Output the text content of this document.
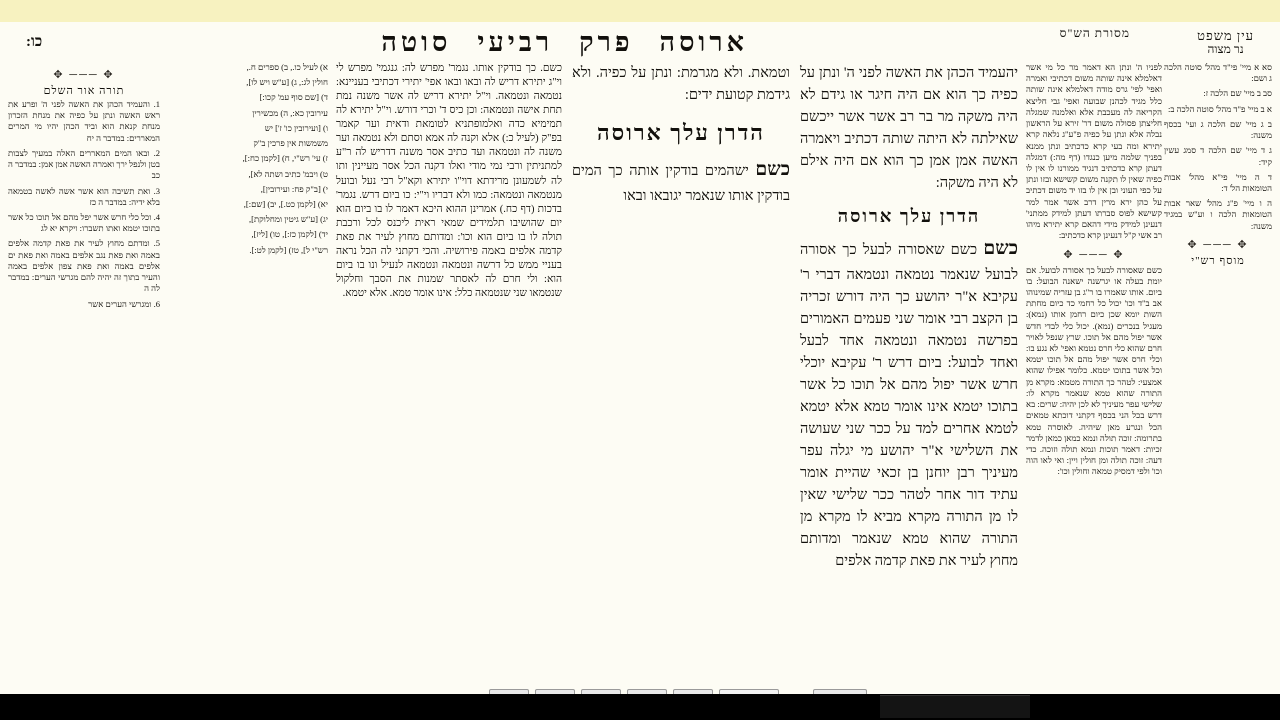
עין משפט
נר מצוה
ארוסהפרקרביעיסוטה
כו:
מסורת הש"ס
סא א מיי' פי"ד מהל' סוטה הלכה ג ושם:
סב ב מיי' שם הלכה ז:
א ב מיי' פ"ד מהל' סוטה הלכה ב:
ב ג מיי' שם הלכה ג ועי' בכסף משנה:
ג ד מיי' שם הלכה ד סמג עשין קיד:
ד ה מיי' פי"א מהל' אבות הטומאות הל' ד:
ה ו מיי' פ"ג מהל' שאר אבות הטומאות הלכה ו וע"ש במגיד משנה:
✥ ─── ✥
מוסף רש"י
לפניו ה' ונתן הא דאמר מר כל מי אשר דאלמלא אינה שותה משום דכתיבי ואמרה ואפי' לפי' גרס מודה דאלמלא אינה שותה כלל מגיד לכהנן שבועה ואפי' גבי חליצא הקריאה לה מעכבת אלא ואלמנה שמגלה חליצתן פסולה משום דר' זירא על הראשון נבלה אלא ונתן על כפיה פ"ע"ג נלאה קרא יתירא ומה בעי קרא כדכתיב ונתן ממנא בפניך שלמה מיען כנגדו (דף מה:) דמגלה דעתן קרא כדכתיב דנגיד ממורנו לו אין לו כפיה שאין לו תקנה משום קשישא ובזו ונתן על כפי העוני ובן אין לו בזו יד משום דכתיב על כהן ירא מרין דרב אשר אמר למר קשישא לפוס סברתו דעתן למידק ממתני' דנעינן למידק מידי דהאם קרא יתירא מיהו רב אשי ק"ל דנעינן קרא כדכתיב:
✥ ─── ✥
כשם שאסורה לבעל כך אסורה לבועל. אם יומת בעלה או יגרשנה ישאנה הבועל: בו ביום. אותו שאמרו בו ר"ג בן עזריה שמינוהו אב ב"ד וכו' יכול כל רחמי כד כיום מחתת השות יומא שכן כיום רחמן אותו (נמא): מעגיל בנכרים (נמא). יכול כלי לבדי חדש אשר יפול מהם אל תוכו. שרץ שנפל לאויר חרם שהוא כלי חרס נטמא ואפי' לא נגע בו: וכלי חרס אשר יפול מהם אל תוכו יטמא וכל אשר בתוכו יטמא. כלומר אפילו שהוא אמצעי: לטהר כך התורה מטמא: מקרא מן התורה שהוא טמא שנאמר מקרא לו: שלישי עפר מעיניך לא לכן יהיה: שרים: בא דרש בכל הני בכסף דקתני דוכתא טמאים הכל ונגרע מאן שיהיה. לאוסרה טמא בתרומה: זוכה תולה ונמא כמאן כמאן לדמר זכיות: דאמר תוכות ונמא תולה וזוכה. כדי דעה: זוכה תולה ומן חולין ויין: ואי לאו הוה וכו' ולפי דמסיק טמאה וחולין וכו':
יהעמיד הכהן את האשה לפני ה' ונתן על כפיה כך הוא אם היה חיגר או גידם לא היה משקה מר בר רב אשר אשר ייכשם שאילתה לא היתה שותה דכתיב ויאמרה האשה אמן אמן כך הוא אם היה אילם לא היה משקה:
הדרן עלך ארוסה
כשם כשם שאסורה לבעל כך אסורה לבועל שנאמר נטמאה ונטמאה דברי ר' עקיבא א"ר יהושע כך היה דורש זכריה בן הקצב רבי אומר שני פעמים האמורים בפרשה נטמאה ונטמאה אחד לבעל ואחד לבועל: ביום דרש ר' עקיבא יוכלי חרש אשר יפול מהם אל תוכו כל אשר בתוכו יטמא אינו אומר טמא אלא יטמא לטמא אחרים למד על ככר שני שעושה את השלישי א"ר יהושע מי יגלה עפר מעיניך רבן יוחנן בן זכאי שהיית אומר עתיד דור אחר לטהר ככר שלישי שאין לו מן התורה מקרא מביא לו מקרא מן התורה שהוא טמא שנאמר ומדותם מחוץ לעיר את פאת קדמה אלפים
וטמאת. ולא מגרמת: ונתן על כפיה. ולא גידמת קטועת ידים:
הדרן עלך ארוסה
כשם ישהמים בודקין אותה כך המים בודקין אותו שנאמר יגובאו ובאו
כשם. כך בודקין אותו. נגמר' מפרש לה: גנגמי' מפרש לי וי"ג יתירא דריש לה ובאו ובאו אפי' יתירי דכתיבי בעניינא: נטמאה ונטמאה. וי"ל יתירא דריש לה אשר משנה נמת תחת אישה ונטמאה: וכן כיס ד' וכרי דורש. וי"ל יתירא לה תמימיא כדה ואלמופתניא לטומאת ודאית וער קאמר בפ"ק (לעיל כ:) אלא וקנה לה אמא וסתם ולא נטמאה וער משנה לה ונטמאה ועד כתיב אסר משנה דדריש לה ר"ע למתניתין ורבי נמי מודי ואלו דקנה הכל אסר מעיינין ותו לה לשמעונן מרידתא דוי"ו יתירא וקא"ל רבי נעל ובועל מנטמאה ונטמאה: כמו ולא דבריו וי"י: כו ביום דרש. נגמר' בדכות (דף כח.) אמרינן ההוא היכא דאמר לו בו ביום הוא יום שהושיבו תלמידים שמאי ראית ליכנס לכל ורכבת תולה לו בו ביום הוא וכו': ומדותם מחוץ לעיר את פאת קדמה אלפים באמה פירושיה. והכי דקתני לה הכל נראה בעניי ממש כל דרשה ונטמאה ונטמאה לנעיל ונו בו ביום הוא: ולי חרם לה לאסתר שמנות את הסבך וחלקול שנטמאו שני שנטמאה כלל: אינו אומר טמא. אלא יטמא.
א) לעיל כו., ב) ספרים ח.,
חולין לג:, ג) [ע"ש ויש לו],
ד) [שם סוף עמ' קכו:]
עירובין כא:, ה) מכשירין
ו) [ועירובין כו' ז'] יש
משמשות אין פרכין ב"ק
ז) עי' רש"י, ח) [לקמן כח:],
ט) ויבמ' כתיב ושתה לא],
י) [ב"ק פח: ועירובין],
יא) [לקמן כט.], יב) [שם:],
יג) [ע"ש גיטין ומחלוקת],
יד) [לקמן כז:], טו) [ליז],
רש"י ל], טז) [לקמן לט:].
✥ ─── ✥
תורה אור השלם
1. והעמיד הכהן את האשה לפני ה' ופרע את ראש האשה ונתן על כפיה את מנחת הזכרון מנחת קנאת הוא וביד הכהן יהיו מי המרים המאררים: במדבר ה יח
2. ובאו המים המאררים האלה במעיך לצבות בטן ולנפל ירך ואמרה האשה אמן אמן: במדבר ה כב
3. ואת תשיבה הוא אשר אשה לאשה בטמאה בלא ידיה: במדבר ה כז
4. וכל כלי חרש אשר יפל מהם אל תוכו כל אשר בתוכו יטמא ואתו תשברו: ויקרא יא לג
5. ומדתם מחוץ לעיר את פאת קדמה אלפים באמה ואת פאת נגב אלפים באמה ואת פאת ים אלפים באמה ואת פאת צפון אלפים באמה והעיר בתוך זה יהיה להם מגרשי הערים: במדבר לה ה
6. ומגרשי הערים אשר
